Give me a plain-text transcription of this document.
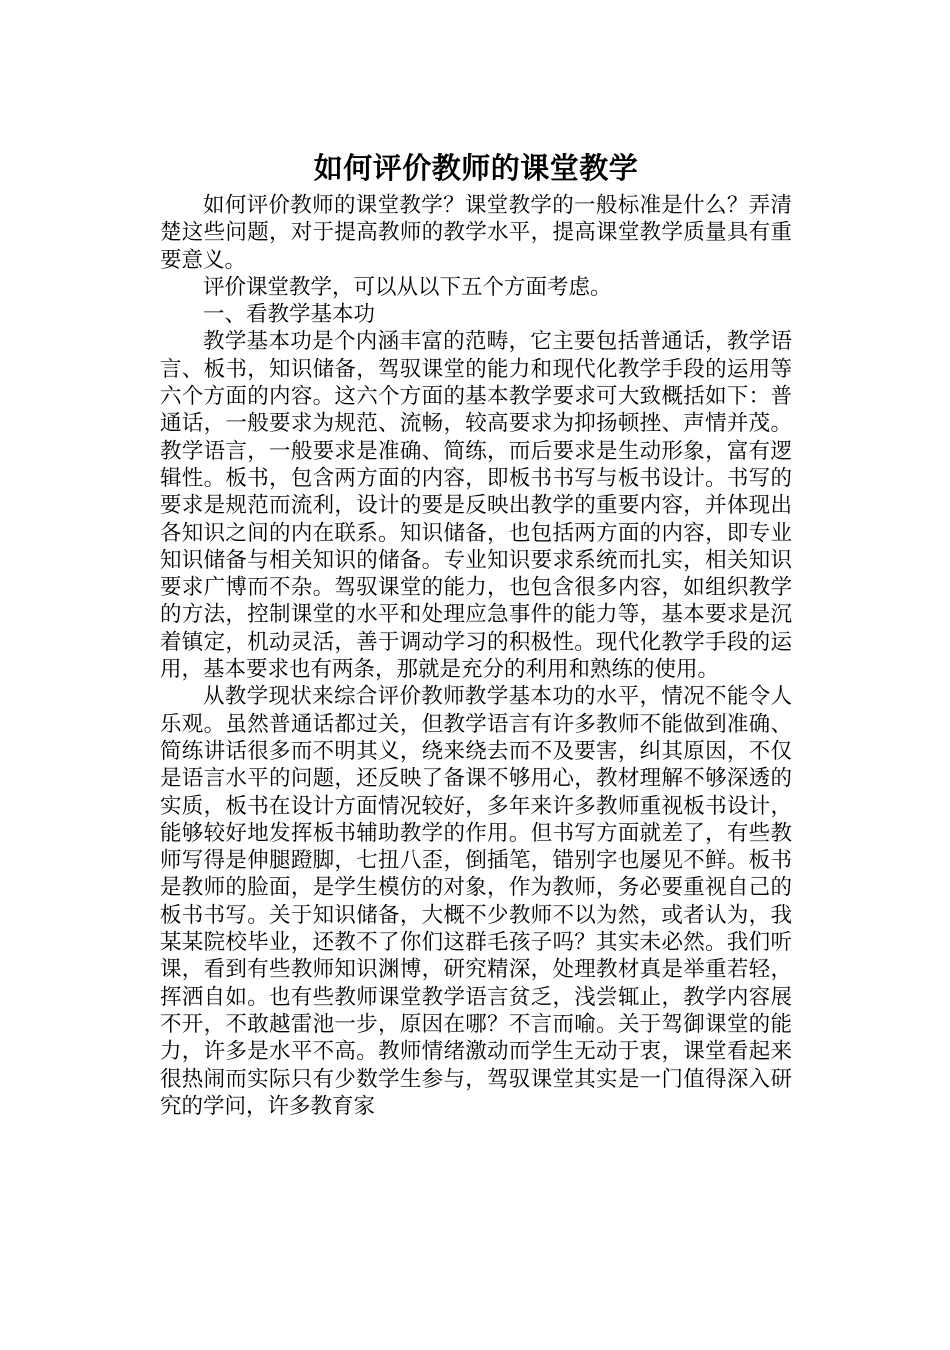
如何评价教师的课堂教学

如何评价教师的课堂教学？课堂教学的一般标准是什么？弄清楚这些问题，对于提高教师的教学水平，提高课堂教学质量具有重要意义。

评价课堂教学，可以从以下五个方面考虑。

一、看教学基本功

教学基本功是个内涵丰富的范畴，它主要包括普通话，教学语言、板书，知识储备，驾驭课堂的能力和现代化教学手段的运用等六个方面的内容。这六个方面的基本教学要求可大致概括如下：普通话，一般要求为规范、流畅，较高要求为抑扬顿挫、声情并茂。教学语言，一般要求是准确、简练，而后要求是生动形象，富有逻辑性。板书，包含两方面的内容，即板书书写与板书设计。书写的要求是规范而流利，设计的要是反映出教学的重要内容，并体现出各知识之间的内在联系。知识储备，也包括两方面的内容，即专业知识储备与相关知识的储备。专业知识要求系统而扎实，相关知识要求广博而不杂。驾驭课堂的能力，也包含很多内容，如组织教学的方法，控制课堂的水平和处理应急事件的能力等，基本要求是沉着镇定，机动灵活，善于调动学习的积极性。现代化教学手段的运用，基本要求也有两条，那就是充分的利用和熟练的使用。

从教学现状来综合评价教师教学基本功的水平，情况不能令人乐观。虽然普通话都过关，但教学语言有许多教师不能做到准确、简练讲话很多而不明其义，绕来绕去而不及要害，纠其原因，不仅是语言水平的问题，还反映了备课不够用心，教材理解不够深透的实质，板书在设计方面情况较好，多年来许多教师重视板书设计，能够较好地发挥板书辅助教学的作用。但书写方面就差了，有些教师写得是伸腿蹬脚，七扭八歪，倒插笔，错别字也屡见不鲜。板书是教师的脸面，是学生模仿的对象，作为教师，务必要重视自己的板书书写。关于知识储备，大概不少教师不以为然，或者认为，我某某院校毕业，还教不了你们这群毛孩子吗？其实未必然。我们听课，看到有些教师知识渊博，研究精深，处理教材真是举重若轻，挥洒自如。也有些教师课堂教学语言贫乏，浅尝辄止，教学内容展不开，不敢越雷池一步，原因在哪？不言而喻。关于驾御课堂的能力，许多是水平不高。教师情绪激动而学生无动于衷，课堂看起来很热闹而实际只有少数学生参与，驾驭课堂其实是一门值得深入研究的学问，许多教育家
